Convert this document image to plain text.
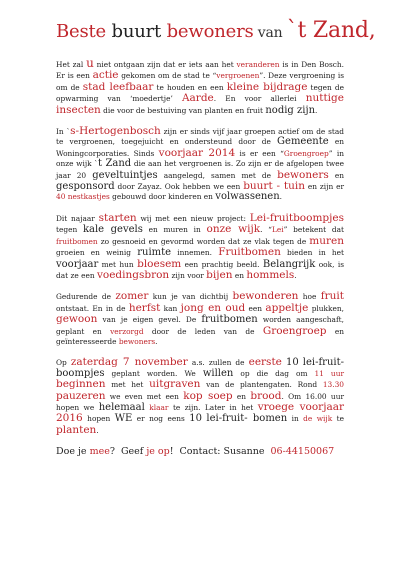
Beste buurt bewoners van `t Zand,

Het zal u niet ontgaan zijn dat er iets aan het veranderen is in Den Bosch. Er is een actie gekomen om de stad te “vergroenen”. Deze vergroening is om de stad leefbaar te houden en een kleine bijdrage tegen de opwarming van ‘moedertje’ Aarde. En voor allerlei nuttige insecten die voor de bestuiving van planten en fruit nodig zijn.

In `s-Hertogenbosch zijn er sinds vijf jaar groepen actief om de stad te vergroenen, toegejuicht en ondersteund door de Gemeente en Woningcorporaties. Sinds voorjaar 2014 is er een “Groengroep” in onze wijk `t Zand die aan het vergroenen is. Zo zijn er de afgelopen twee jaar 20 geveltuintjes aangelegd, samen met de bewoners en gesponsord door Zayaz. Ook hebben we een buurt - tuin en zijn er 40 nestkastjes gebouwd door kinderen en volwassenen.

Dit najaar starten wij met een nieuw project: Lei-fruitboompjes tegen kale gevels en muren in onze wijk. “Lei” betekent dat fruitbomen zo gesnoeid en gevormd worden dat ze vlak tegen de muren groeien en weinig ruimte innemen. Fruitbomen bieden in het voorjaar met hun bloesem een prachtig beeld. Belangrijk ook, is dat ze een voedingsbron zijn voor bijen en hommels.

Gedurende de zomer kun je van dichtbij bewonderen hoe fruit ontstaat. En in de herfst kan jong en oud een appeltje plukken, gewoon van je eigen gevel. De fruitbomen worden aangeschaft, geplant en verzorgd door de leden van de Groengroep en geïnteresseerde bewoners.

Op zaterdag 7 november a.s. zullen de eerste 10 lei-fruit-boompjes geplant worden. We willen op die dag om 11 uur beginnen met het uitgraven van de plantengaten. Rond 13.30 pauzeren we even met een kop soep en brood. Om 16.00 uur hopen we helemaal klaar te zijn. Later in het vroege voorjaar 2016 hopen WE er nog eens 10 lei-fruit- bomen in de wijk te planten.

Doe je mee? Geef je op! Contact: Susanne 06-44150067
